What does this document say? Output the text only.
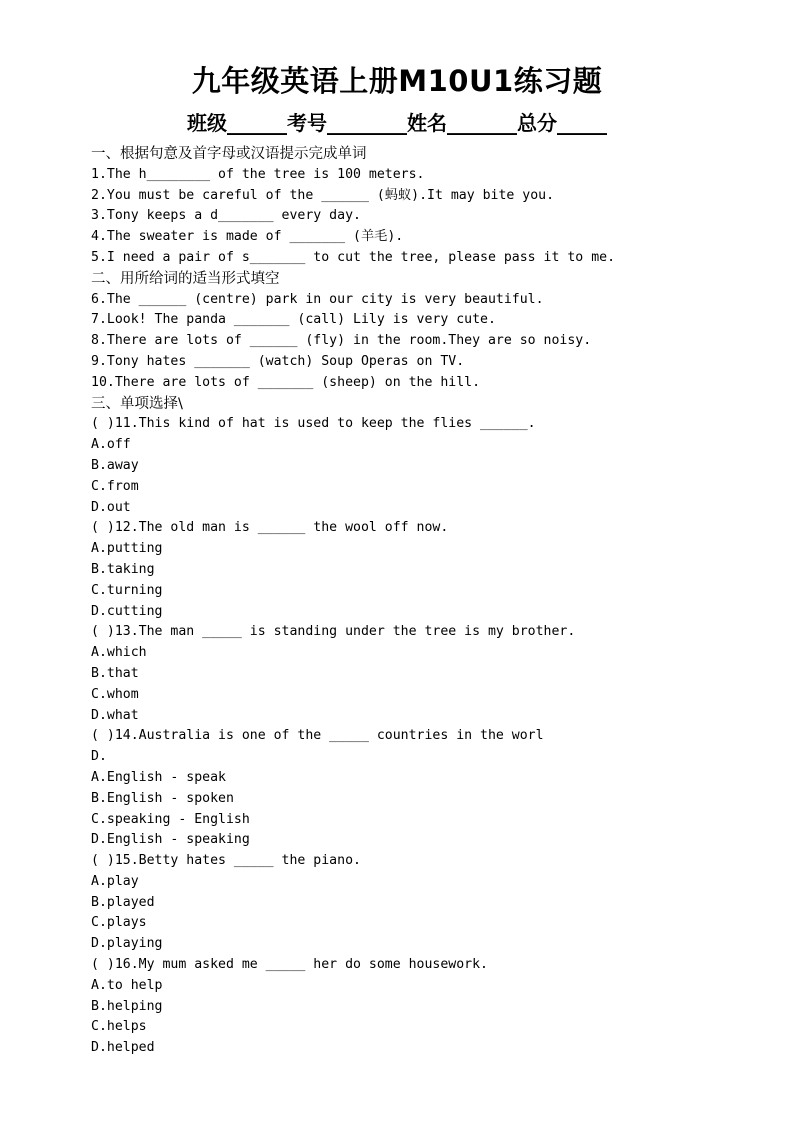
九年级英语上册M10U1练习题
班级______考号________姓名_______总分_____
一、根据句意及首字母或汉语提示完成单词
1.The h________ of the tree is 100 meters.
2.You must be careful of the ______ (蚂蚁).It may bite you.
3.Tony keeps a d_______ every day.
4.The sweater is made of _______ (羊毛).
5.I need a pair of s_______ to cut the tree, please pass it to me.
二、用所给词的适当形式填空
6.The ______ (centre) park in our city is very beautiful.
7.Look! The panda _______ (call) Lily is very cute.
8.There are lots of ______ (fly) in the room.They are so noisy.
9.Tony hates _______ (watch) Soup Operas on TV.
10.There are lots of _______ (sheep) on the hill.
三、单项选择\
( )11.This kind of hat is used to keep the flies ______.
A.off
B.away
C.from
D.out
( )12.The old man is ______ the wool off now.
A.putting
B.taking
C.turning
D.cutting
( )13.The man _____ is standing under the tree is my brother.
A.which
B.that
C.whom
D.what
( )14.Australia is one of the _____ countries in the worl
D.
A.English - speak
B.English - spoken
C.speaking - English
D.English - speaking
( )15.Betty hates _____ the piano.
A.play
B.played
C.plays
D.playing
( )16.My mum asked me _____ her do some housework.
A.to help
B.helping
C.helps
D.helped
